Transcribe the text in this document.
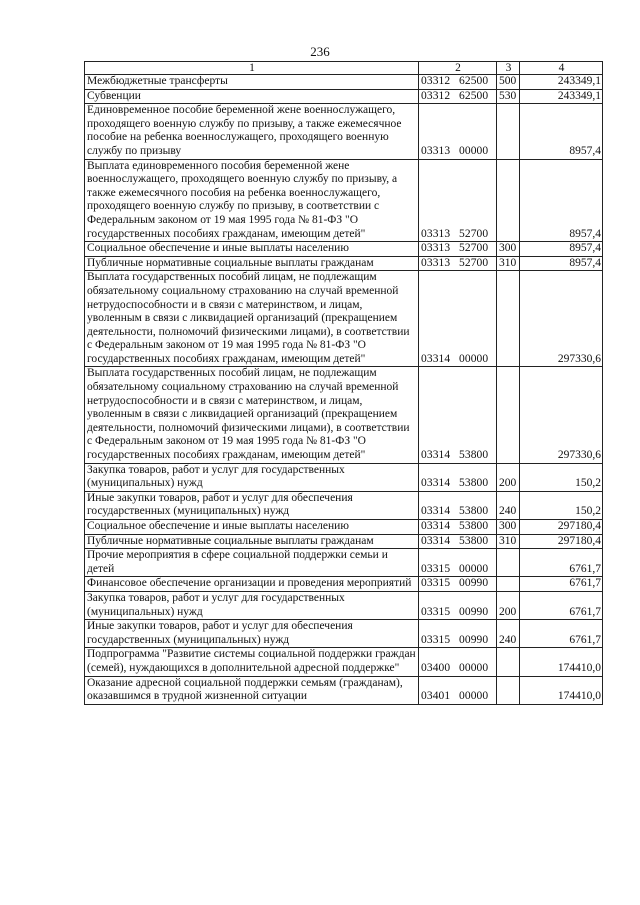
236
1	2	3	4
Межбюджетные трансферты	03312 62500	500	243349,1
Субвенции	03312 62500	530	243349,1
Единовременное пособие беременной жене военнослужащего, проходящего военную службу по призыву, а также ежемесячное пособие на ребенка военнослужащего, проходящего военную службу по призыву	03313 00000		8957,4
Выплата единовременного пособия беременной жене военнослужащего, проходящего военную службу по призыву, а также ежемесячного пособия на ребенка военнослужащего, проходящего военную службу по призыву, в соответствии с Федеральным законом от 19 мая 1995 года № 81-ФЗ "О государственных пособиях гражданам, имеющим детей"	03313 52700		8957,4
Социальное обеспечение и иные выплаты населению	03313 52700	300	8957,4
Публичные нормативные социальные выплаты гражданам	03313 52700	310	8957,4
Выплата государственных пособий лицам, не подлежащим обязательному социальному страхованию на случай временной нетрудоспособности и в связи с материнством, и лицам, уволенным в связи с ликвидацией организаций (прекращением деятельности, полномочий физическими лицами), в соответствии с Федеральным законом от 19 мая 1995 года № 81-ФЗ "О государственных пособиях гражданам, имеющим детей"	03314 00000		297330,6
Выплата государственных пособий лицам, не подлежащим обязательному социальному страхованию на случай временной нетрудоспособности и в связи с материнством, и лицам, уволенным в связи с ликвидацией организаций (прекращением деятельности, полномочий физическими лицами), в соответствии с Федеральным законом от 19 мая 1995 года № 81-ФЗ "О государственных пособиях гражданам, имеющим детей"	03314 53800		297330,6
Закупка товаров, работ и услуг для государственных (муниципальных) нужд	03314 53800	200	150,2
Иные закупки товаров, работ и услуг для обеспечения государственных (муниципальных) нужд	03314 53800	240	150,2
Социальное обеспечение и иные выплаты населению	03314 53800	300	297180,4
Публичные нормативные социальные выплаты гражданам	03314 53800	310	297180,4
Прочие мероприятия в сфере социальной поддержки семьи и детей	03315 00000		6761,7
Финансовое обеспечение организации и проведения мероприятий	03315 00990		6761,7
Закупка товаров, работ и услуг для государственных (муниципальных) нужд	03315 00990	200	6761,7
Иные закупки товаров, работ и услуг для обеспечения государственных (муниципальных) нужд	03315 00990	240	6761,7
Подпрограмма "Развитие системы социальной поддержки граждан (семей), нуждающихся в дополнительной адресной поддержке"	03400 00000		174410,0
Оказание адресной социальной поддержки семьям (гражданам), оказавшимся в трудной жизненной ситуации	03401 00000		174410,0
